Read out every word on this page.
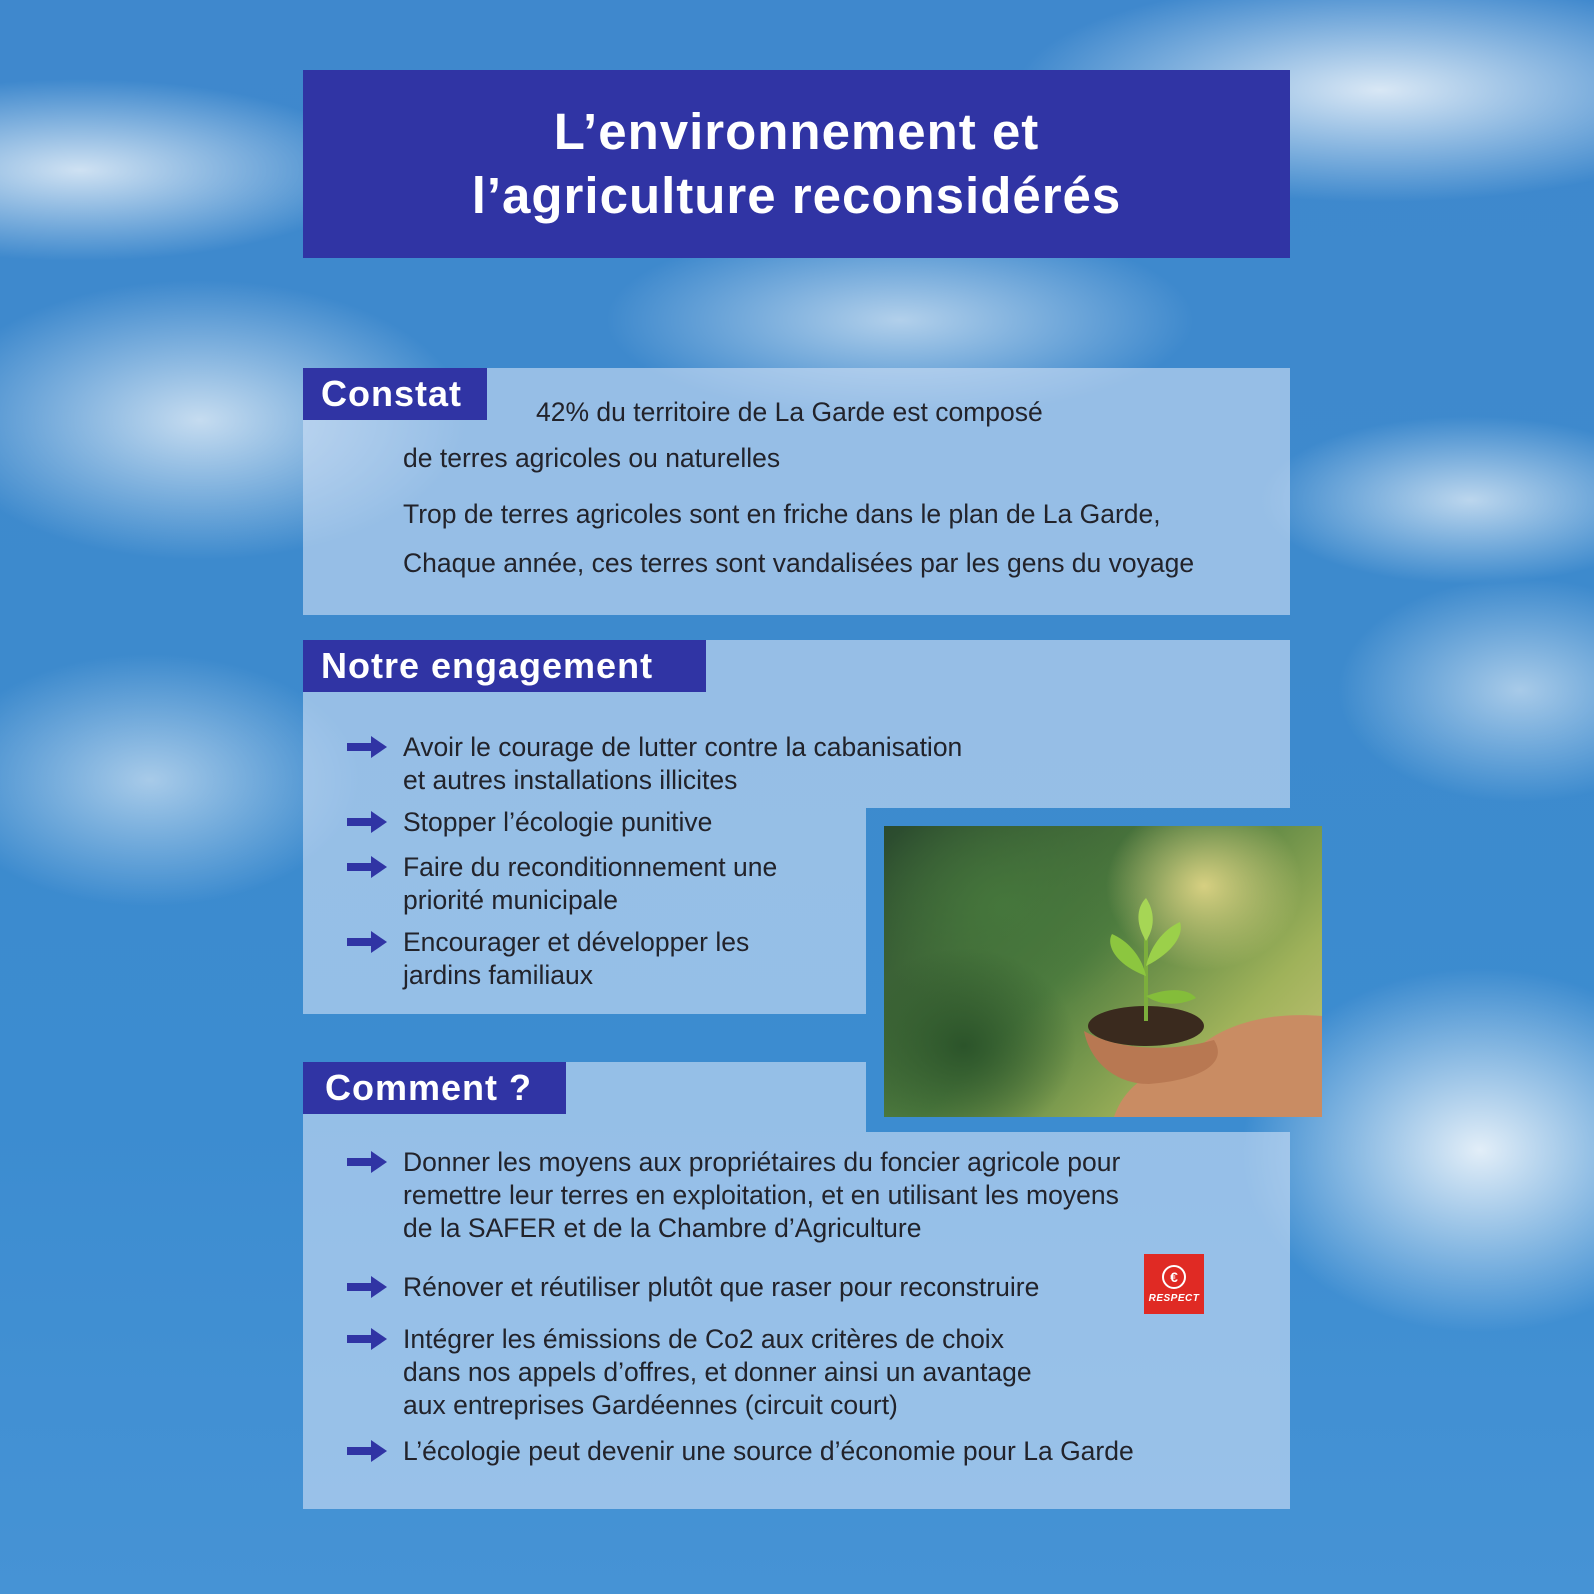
L’environnement et
l’agriculture reconsidérés
Constat	42% du territoire de La Garde est composé
de terres agricoles ou naturelles
Trop de terres agricoles sont en friche dans le plan de La Garde,
Chaque année, ces terres sont vandalisées par les gens du voyage
Notre engagement
Avoir le courage de lutter contre la cabanisation
et autres installations illicites
Stopper l’écologie punitive
Faire du reconditionnement une
priorité municipale
Encourager et développer les
jardins familiaux
Comment ?
Donner les moyens aux propriétaires du foncier agricole pour
remettre leur terres en exploitation, et en utilisant les moyens
de la SAFER et de la Chambre d’Agriculture
Rénover et réutiliser plutôt que raser pour reconstruire
Intégrer les émissions de Co2 aux critères de choix
dans nos appels d’offres, et donner ainsi un avantage
aux entreprises Gardéennes (circuit court)
L’écologie peut devenir une source d’économie pour La Garde
€
RESPECT
